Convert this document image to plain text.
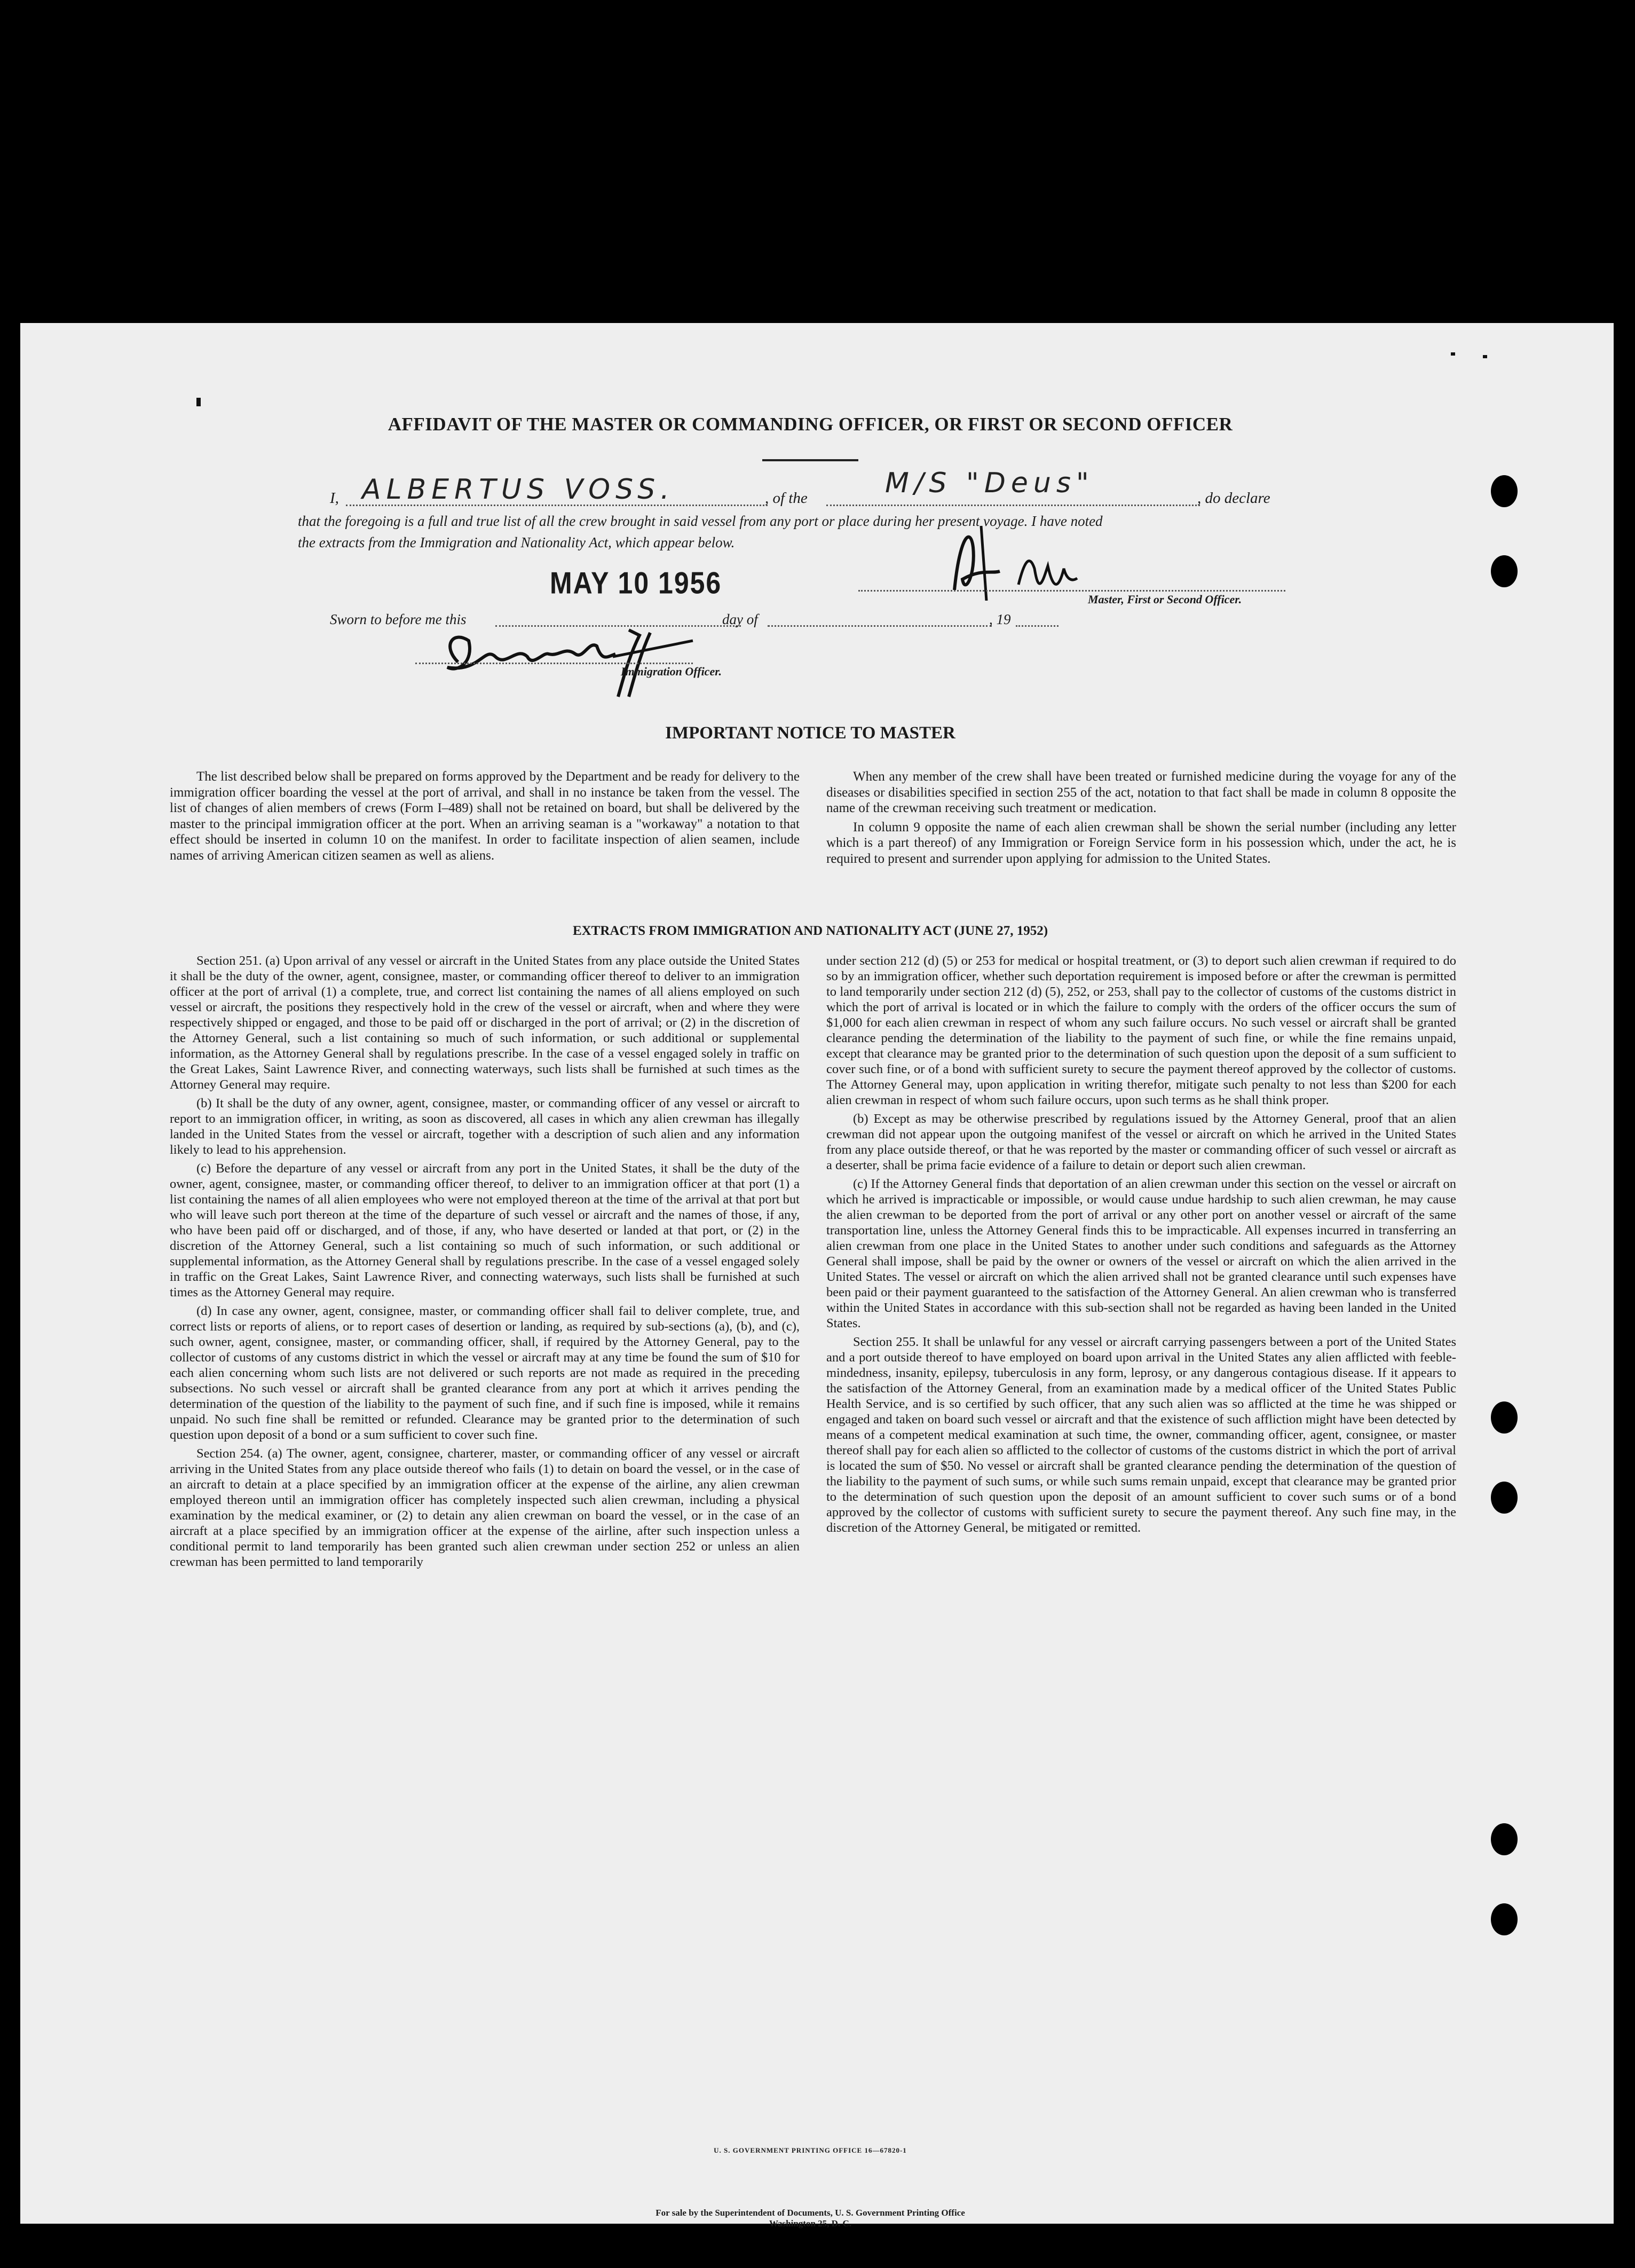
AFFIDAVIT OF THE MASTER OR COMMANDING OFFICER, OR FIRST OR SECOND OFFICER
I, ALBERTUS VOSS.	, of the	M/S "Deus"	, do declare
that the foregoing is a full and true list of all the crew brought in said vessel from any port or place during her present voyage. I have noted
the extracts from the Immigration and Nationality Act, which appear below.
Master, First or Second Officer.
MAY 10 1956
Sworn to before me this	day of	, 19
Immigration Officer.
IMPORTANT NOTICE TO MASTER

The list described below shall be prepared on forms approved by the Department and be ready for delivery to the immigration officer boarding the vessel at the port of arrival, and shall in no instance be taken from the vessel. The list of changes of alien members of crews (Form I–489) shall not be retained on board, but shall be delivered by the master to the principal immigration officer at the port. When an arriving seaman is a "workaway" a notation to that effect should be inserted in column 10 on the manifest. In order to facilitate inspection of alien seamen, include names of arriving American citizen seamen as well as aliens.

When any member of the crew shall have been treated or furnished medicine during the voyage for any of the diseases or disabilities specified in section 255 of the act, notation to that fact shall be made in column 8 opposite the name of the crewman receiving such treatment or medication.

In column 9 opposite the name of each alien crewman shall be shown the serial number (including any letter which is a part thereof) of any Immigration or Foreign Service form in his possession which, under the act, he is required to present and surrender upon applying for admission to the United States.

EXTRACTS FROM IMMIGRATION AND NATIONALITY ACT (JUNE 27, 1952)

Section 251. (a) Upon arrival of any vessel or aircraft in the United States from any place outside the United States it shall be the duty of the owner, agent, consignee, master, or commanding officer thereof to deliver to an immigration officer at the port of arrival (1) a complete, true, and correct list containing the names of all aliens employed on such vessel or aircraft, the positions they respectively hold in the crew of the vessel or aircraft, when and where they were respectively shipped or engaged, and those to be paid off or discharged in the port of arrival; or (2) in the discretion of the Attorney General, such a list containing so much of such information, or such additional or supplemental information, as the Attorney General shall by regulations prescribe. In the case of a vessel engaged solely in traffic on the Great Lakes, Saint Lawrence River, and connecting waterways, such lists shall be furnished at such times as the Attorney General may require.

(b) It shall be the duty of any owner, agent, consignee, master, or commanding officer of any vessel or aircraft to report to an immigration officer, in writing, as soon as discovered, all cases in which any alien crewman has illegally landed in the United States from the vessel or aircraft, together with a description of such alien and any information likely to lead to his apprehension.

(c) Before the departure of any vessel or aircraft from any port in the United States, it shall be the duty of the owner, agent, consignee, master, or commanding officer thereof, to deliver to an immigration officer at that port (1) a list containing the names of all alien employees who were not employed thereon at the time of the arrival at that port but who will leave such port thereon at the time of the departure of such vessel or aircraft and the names of those, if any, who have been paid off or discharged, and of those, if any, who have deserted or landed at that port, or (2) in the discretion of the Attorney General, such a list containing so much of such information, or such additional or supplemental information, as the Attorney General shall by regulations prescribe. In the case of a vessel engaged solely in traffic on the Great Lakes, Saint Lawrence River, and connecting waterways, such lists shall be furnished at such times as the Attorney General may require.

(d) In case any owner, agent, consignee, master, or commanding officer shall fail to deliver complete, true, and correct lists or reports of aliens, or to report cases of desertion or landing, as required by sub-sections (a), (b), and (c), such owner, agent, consignee, master, or commanding officer, shall, if required by the Attorney General, pay to the collector of customs of any customs district in which the vessel or aircraft may at any time be found the sum of $10 for each alien concerning whom such lists are not delivered or such reports are not made as required in the preceding subsections. No such vessel or aircraft shall be granted clearance from any port at which it arrives pending the determination of the question of the liability to the payment of such fine, and if such fine is imposed, while it remains unpaid. No such fine shall be remitted or refunded. Clearance may be granted prior to the determination of such question upon deposit of a bond or a sum sufficient to cover such fine.

Section 254. (a) The owner, agent, consignee, charterer, master, or commanding officer of any vessel or aircraft arriving in the United States from any place outside thereof who fails (1) to detain on board the vessel, or in the case of an aircraft to detain at a place specified by an immigration officer at the expense of the airline, any alien crewman employed thereon until an immigration officer has completely inspected such alien crewman, including a physical examination by the medical examiner, or (2) to detain any alien crewman on board the vessel, or in the case of an aircraft at a place specified by an immigration officer at the expense of the airline, after such inspection unless a conditional permit to land temporarily has been granted such alien crewman under section 252 or unless an alien crewman has been permitted to land temporarily

under section 212 (d) (5) or 253 for medical or hospital treatment, or (3) to deport such alien crewman if required to do so by an immigration officer, whether such deportation requirement is imposed before or after the crewman is permitted to land temporarily under section 212 (d) (5), 252, or 253, shall pay to the collector of customs of the customs district in which the port of arrival is located or in which the failure to comply with the orders of the officer occurs the sum of $1,000 for each alien crewman in respect of whom any such failure occurs. No such vessel or aircraft shall be granted clearance pending the determination of the liability to the payment of such fine, or while the fine remains unpaid, except that clearance may be granted prior to the determination of such question upon the deposit of a sum sufficient to cover such fine, or of a bond with sufficient surety to secure the payment thereof approved by the collector of customs. The Attorney General may, upon application in writing therefor, mitigate such penalty to not less than $200 for each alien crewman in respect of whom such failure occurs, upon such terms as he shall think proper.

(b) Except as may be otherwise prescribed by regulations issued by the Attorney General, proof that an alien crewman did not appear upon the outgoing manifest of the vessel or aircraft on which he arrived in the United States from any place outside thereof, or that he was reported by the master or commanding officer of such vessel or aircraft as a deserter, shall be prima facie evidence of a failure to detain or deport such alien crewman.

(c) If the Attorney General finds that deportation of an alien crewman under this section on the vessel or aircraft on which he arrived is impracticable or impossible, or would cause undue hardship to such alien crewman, he may cause the alien crewman to be deported from the port of arrival or any other port on another vessel or aircraft of the same transportation line, unless the Attorney General finds this to be impracticable. All expenses incurred in transferring an alien crewman from one place in the United States to another under such conditions and safeguards as the Attorney General shall impose, shall be paid by the owner or owners of the vessel or aircraft on which the alien arrived in the United States. The vessel or aircraft on which the alien arrived shall not be granted clearance until such expenses have been paid or their payment guaranteed to the satisfaction of the Attorney General. An alien crewman who is transferred within the United States in accordance with this sub-section shall not be regarded as having been landed in the United States.

Section 255. It shall be unlawful for any vessel or aircraft carrying passengers between a port of the United States and a port outside thereof to have employed on board upon arrival in the United States any alien afflicted with feeble-mindedness, insanity, epilepsy, tuberculosis in any form, leprosy, or any dangerous contagious disease. If it appears to the satisfaction of the Attorney General, from an examination made by a medical officer of the United States Public Health Service, and is so certified by such officer, that any such alien was so afflicted at the time he was shipped or engaged and taken on board such vessel or aircraft and that the existence of such affliction might have been detected by means of a competent medical examination at such time, the owner, commanding officer, agent, consignee, or master thereof shall pay for each alien so afflicted to the collector of customs of the customs district in which the port of arrival is located the sum of $50. No vessel or aircraft shall be granted clearance pending the determination of the question of the liability to the payment of such sums, or while such sums remain unpaid, except that clearance may be granted prior to the determination of such question upon the deposit of an amount sufficient to cover such sums or of a bond approved by the collector of customs with sufficient surety to secure the payment thereof. Any such fine may, in the discretion of the Attorney General, be mitigated or remitted.

U. S. GOVERNMENT PRINTING OFFICE 16—67820-1
For sale by the Superintendent of Documents, U. S. Government Printing Office
Washington 25, D. C.
